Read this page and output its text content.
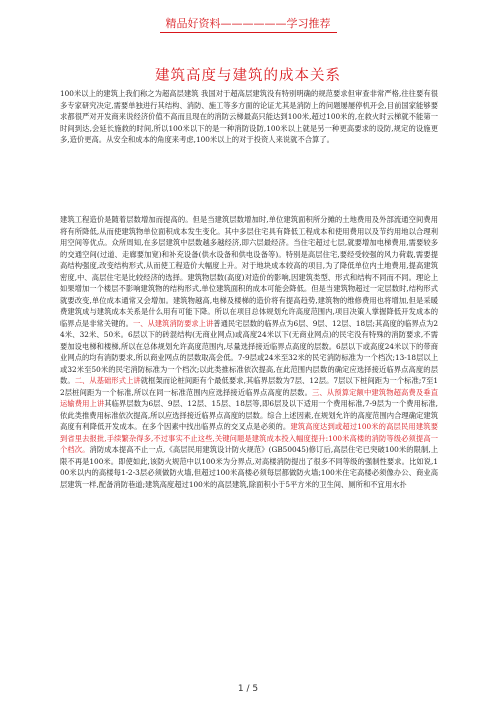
精品好资料——————学习推荐
建筑高度与建筑的成本关系

100米以上的建筑上我们称之为超高层建筑 我国对于超高层建筑没有特别明确的规范要求但审查非常严格,往往要有很多专家研究决定,需要单独进行其结构、消防、施工等多方面的论证尤其是消防上的问题屡屡停机开会,目前国家能够要求都很严对开发商来说经济价值不高而且现在的消防云梯最高只能达到100米,超过100米的,在救火时云梯就不能第一时间到达,会延长施救的时间,所以100米以下的是一种消防设防,100米以上就是另一种更高要求的设防,规定的设施更多,造价更高。从安全和成本的角度来考虑,100米以上的对于投资人来说就不合算了。

建筑工程造价是随着层数增加而提高的。但是当建筑层数增加时,单位建筑面积所分摊的土地费用及外部流通空间费用将有所降低,从而使建筑物单位面积成本发生变化。其中多层住宅具有降低工程成本和使用费用以及节约用地以合理利用空间等优点。众所周知,在多层建筑中层数越多越经济,即六层最经济。当住宅超过七层,就要增加电梯费用,需要较多的交通空间(过道、走廊要加宽)和补充设备(供水设备和供电设备等)。特别是高层住宅,要经受较强的风力荷载,需要提高结构强度,改变结构形式,从而使工程造价大幅度上升。对于地块成本较高的项目,为了降低单位内土地费用,提高建筑密度,中、高层住宅是比较经济的选择。建筑物层数(高度)对造价的影响,因建筑类型、形式和结构不同而不同。理论上如果增加一个楼层不影响建筑物的结构形式,单位建筑面积的成本可能会降低。但是当建筑物超过一定层数时,结构形式就要改变,单位成本通常又会增加。建筑物越高,电梯及楼梯的造价将有提高趋势,建筑物的维修费用也将增加,但是采暖费建筑成与建筑成本关系是什么用有可能下降。所以在项目总体规划允许高度范围内,项目决策人掌握降低开发成本的临界点是非常关键的。一、从建筑消防要求上讲普通民宅层数的临界点为6层、9层、12层、18层;其高度的临界点为24米、32米、50米。6层以下的砖混结构(无商业网点)或高度24米以下(无商业网点)的民宅没有特殊的消防要求,不需要加设电梯和楼梯,所以在总体规划允许高度范围内,尽量选择接近临界点高度的层数。6层以下或高度24米以下的带商业网点的均有消防要求,所以商业网点的层数取高会低。7-9层或24米至32米的民宅消防标准为一个档次;13-18层以上或32米至50米的民宅消防标准为一个档次;以此类推标准依次提高,在此范围内层数的确定应选择接近临界点高度的层数。二、从基础形式上讲就框架而论桩间距有个最低要求,其临界层数为7层、12层。7层以下桩间距为一个标准;7至12层桩间距为一个标准,所以在同一标准范围内应选择接近临界点高度的层数。三、从预算定额中建筑物超高费及垂直运输费用上讲其临界层数为6层、9层、12层、15层、18层等,即6层及以下适用一个费用标准,7-9层为一个费用标准,依此类推费用标准依次提高,所以应选择接近临界点高度的层数。综合上述因素,在规划允许的高度范围内合理确定建筑高度有利降低开发成本。在多个因素中找出临界点的交叉点是必须的。建筑高度达到或超过100米的高层民用建筑要到省里去报批,手续繁杂得多,不过事实不止这些,关键问题是建筑成本投入幅度提升:100米高楼的消防等级必须提高一个档次。消防成本提高不止一点,《高层民用建筑设计防火规范》(GB50045)修订后,高层住宅已突破100米的限制,上限不再是100米。即使如此,该防火规范中以100米为分界点,对高楼消防提出了很多不同等级的强制性要求。比如说,100米以内的高楼每1-2-3层必须做防火墙,但超过100米高楼必须每层都做防火墙;100米住宅高楼必须像办公、商业高层建筑一样,配备消防巷道;建筑高度超过100米的高层建筑,除面积小于5平方米的卫生间、厕所和不宜用水扑

1 / 5
